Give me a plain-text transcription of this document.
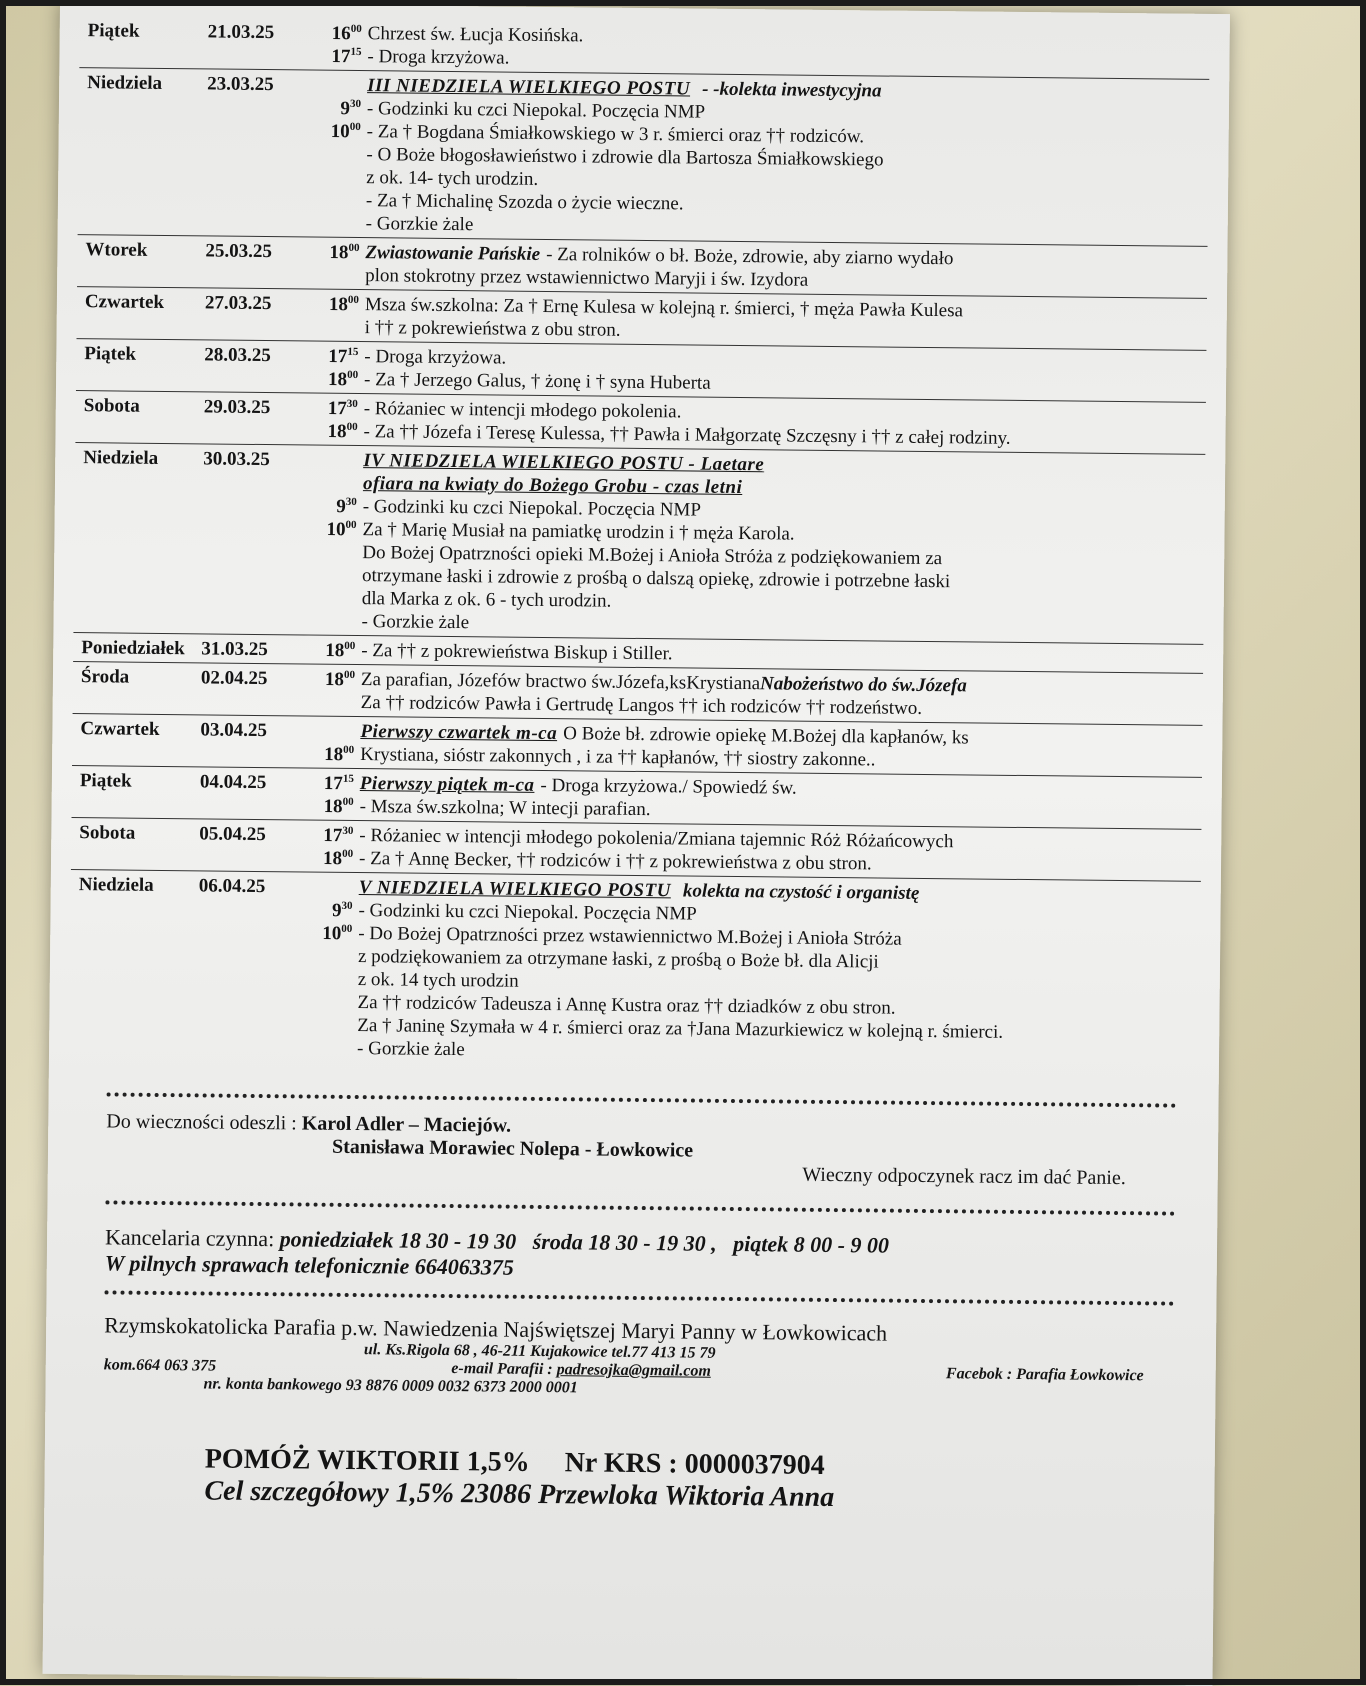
Piątek	21.03.25	$16^{00}$ Chrzest św. Łucja Kosińska.
$17^{15}$ - Droga krzyżowa.
Niedziela	23.03.25	III NIEDZIELA WIELKIEGO POSTU - -kolekta inwestycyjna
$9^{30}$ - Godzinki ku czci Niepokal. Poczęcia NMP
$10^{00}$ - Za † Bogdana Śmiałkowskiego w 3 r. śmierci oraz †† rodziców.
- O Boże błogosławieństwo i zdrowie dla Bartosza Śmiałkowskiego
z ok. 14- tych urodzin.
- Za † Michalinę Szozda o życie wieczne.
- Gorzkie żale
Wtorek	25.03.25	$18^{00}$ Zwiastowanie Pańskie - Za rolników o bł. Boże, zdrowie, aby ziarno wydało
plon stokrotny przez wstawiennictwo Maryji i św. Izydora
Czwartek	27.03.25	$18^{00}$ Msza św.szkolna: Za † Ernę Kulesa w kolejną r. śmierci, † męża Pawła Kulesa
i †† z pokrewieństwa z obu stron.
Piątek	28.03.25	$17^{15}$ - Droga krzyżowa.
$18^{00}$ - Za † Jerzego Galus, † żonę i † syna Huberta
Sobota	29.03.25	$17^{30}$ - Różaniec w intencji młodego pokolenia.
$18^{00}$ - Za †† Józefa i Teresę Kulessa, †† Pawła i Małgorzatę Szczęsny i †† z całej rodziny.
Niedziela	30.03.25	IV NIEDZIELA WIELKIEGO POSTU - Laetare
ofiara na kwiaty do Bożego Grobu - czas letni
$9^{30}$ - Godzinki ku czci Niepokal. Poczęcia NMP
$10^{00}$ Za † Marię Musiał na pamiatkę urodzin i † męża Karola.
Do Bożej Opatrzności opieki M.Bożej i Anioła Stróża z podziękowaniem za
otrzymane łaski i zdrowie z prośbą o dalszą opiekę, zdrowie i potrzebne łaski
dla Marka z ok. 6 - tych urodzin.
- Gorzkie żale
Poniedziałek 31.03.25	$18^{00}$ - Za †† z pokrewieństwa Biskup i Stiller.
Środa	02.04.25	$18^{00}$ Za parafian, Józefów bractwo św.Józefa,ksKrystianaNabożeństwo do św.Józefa
Za †† rodziców Pawła i Gertrudę Langos †† ich rodziców †† rodzeństwo.
Czwartek	03.04.25	Pierwszy czwartek m-ca O Boże bł. zdrowie opiekę M.Bożej dla kapłanów, ks
$18^{00}$ Krystiana, sióstr zakonnych , i za †† kapłanów, †† siostry zakonne..
Piątek	04.04.25	$17^{15}$ Pierwszy piątek m-ca - Droga krzyżowa./ Spowiedź św.
$18^{00}$ - Msza św.szkolna; W intecji parafian.
Sobota	05.04.25	$17^{30}$ - Różaniec w intencji młodego pokolenia/Zmiana tajemnic Róż Różańcowych
$18^{00}$ - Za † Annę Becker, †† rodziców i †† z pokrewieństwa z obu stron.
Niedziela	06.04.25	V NIEDZIELA WIELKIEGO POSTU kolekta na czystość i organistę
$9^{30}$ - Godzinki ku czci Niepokal. Poczęcia NMP
$10^{00}$ - Do Bożej Opatrzności przez wstawiennictwo M.Bożej i Anioła Stróża
z podziękowaniem za otrzymane łaski, z prośbą o Boże bł. dla Alicji
z ok. 14 tych urodzin
Za †† rodziców Tadeusza i Annę Kustra oraz †† dziadków z obu stron.
Za † Janinę Szymała w 4 r. śmierci oraz za †Jana Mazurkiewicz w kolejną r. śmierci.
- Gorzkie żale
Do wieczności odeszli : Karol Adler – Maciejów.
Stanisława Morawiec Nolepa - Łowkowice
Wieczny odpoczynek racz im dać Panie.
Kancelaria czynna: poniedziałek 18 30 - 19 30 środa 18 30 - 19 30 , piątek 8 00 - 9 00
W pilnych sprawach telefonicznie 664063375
Rzymskokatolicka Parafia p.w. Nawiedzenia Najświętszej Maryi Panny w Łowkowicach
ul. Ks.Rigola 68 , 46-211 Kujakowice tel.77 413 15 79
kom.664 063 375	e-mail Parafii : padresojka@gmail.com	Facebok : Parafia Łowkowice
nr. konta bankowego 93 8876 0009 0032 6373 2000 0001
POMÓŻ WIKTORII 1,5% Nr KRS : 0000037904
Cel szczegółowy 1,5% 23086 Przewloka Wiktoria Anna
